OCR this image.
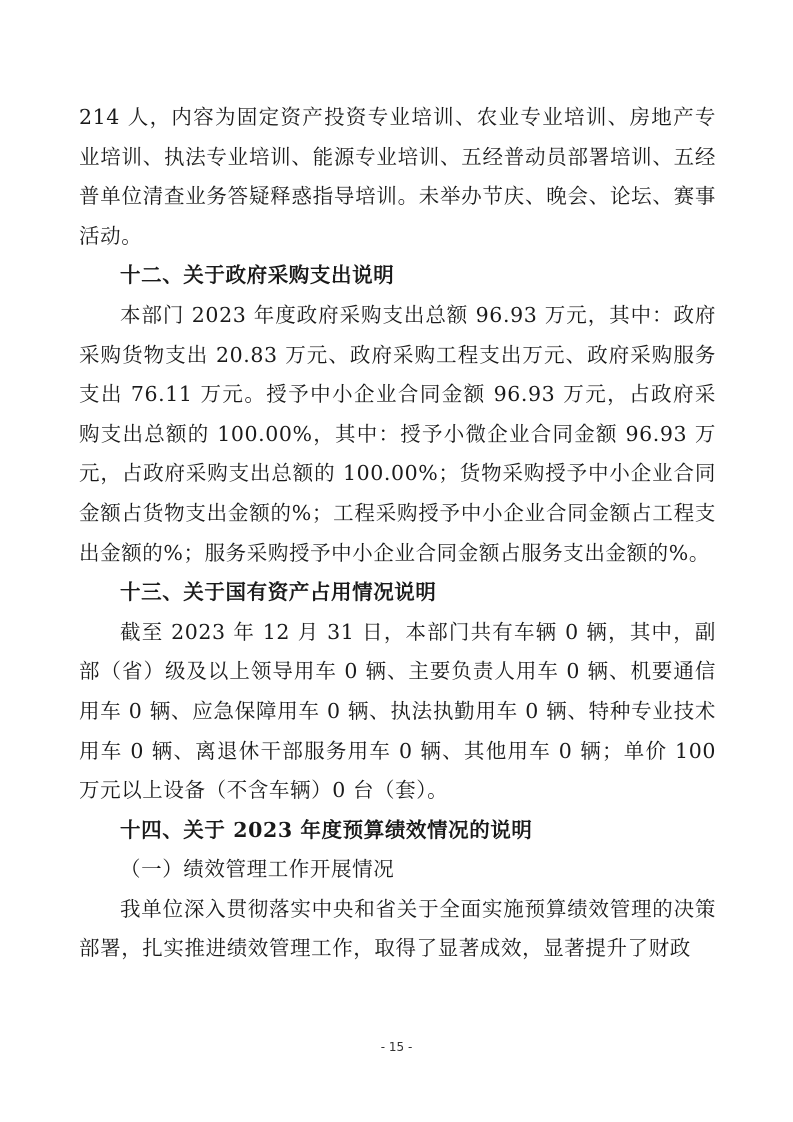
214 人，内容为固定资产投资专业培训、农业专业培训、房地产专业培训、执法专业培训、能源专业培训、五经普动员部署培训、五经普单位清查业务答疑释惑指导培训。未举办节庆、晚会、论坛、赛事活动。

十二、关于政府采购支出说明

本部门 2023 年度政府采购支出总额 96.93 万元，其中：政府采购货物支出 20.83 万元、政府采购工程支出万元、政府采购服务支出 76.11 万元。授予中小企业合同金额 96.93 万元，占政府采购支出总额的 100.00%，其中：授予小微企业合同金额 96.93 万元，占政府采购支出总额的 100.00%；货物采购授予中小企业合同金额占货物支出金额的%；工程采购授予中小企业合同金额占工程支出金额的%；服务采购授予中小企业合同金额占服务支出金额的%。

十三、关于国有资产占用情况说明

截至 2023 年 12 月 31 日，本部门共有车辆 0 辆，其中，副部（省）级及以上领导用车 0 辆、主要负责人用车 0 辆、机要通信用车 0 辆、应急保障用车 0 辆、执法执勤用车 0 辆、特种专业技术用车 0 辆、离退休干部服务用车 0 辆、其他用车 0 辆；单价 100 万元以上设备（不含车辆）0 台（套）。

十四、关于 2023 年度预算绩效情况的说明

（一）绩效管理工作开展情况

我单位深入贯彻落实中央和省关于全面实施预算绩效管理的决策部署，扎实推进绩效管理工作，取得了显著成效，显著提升了财政

- 15 -
